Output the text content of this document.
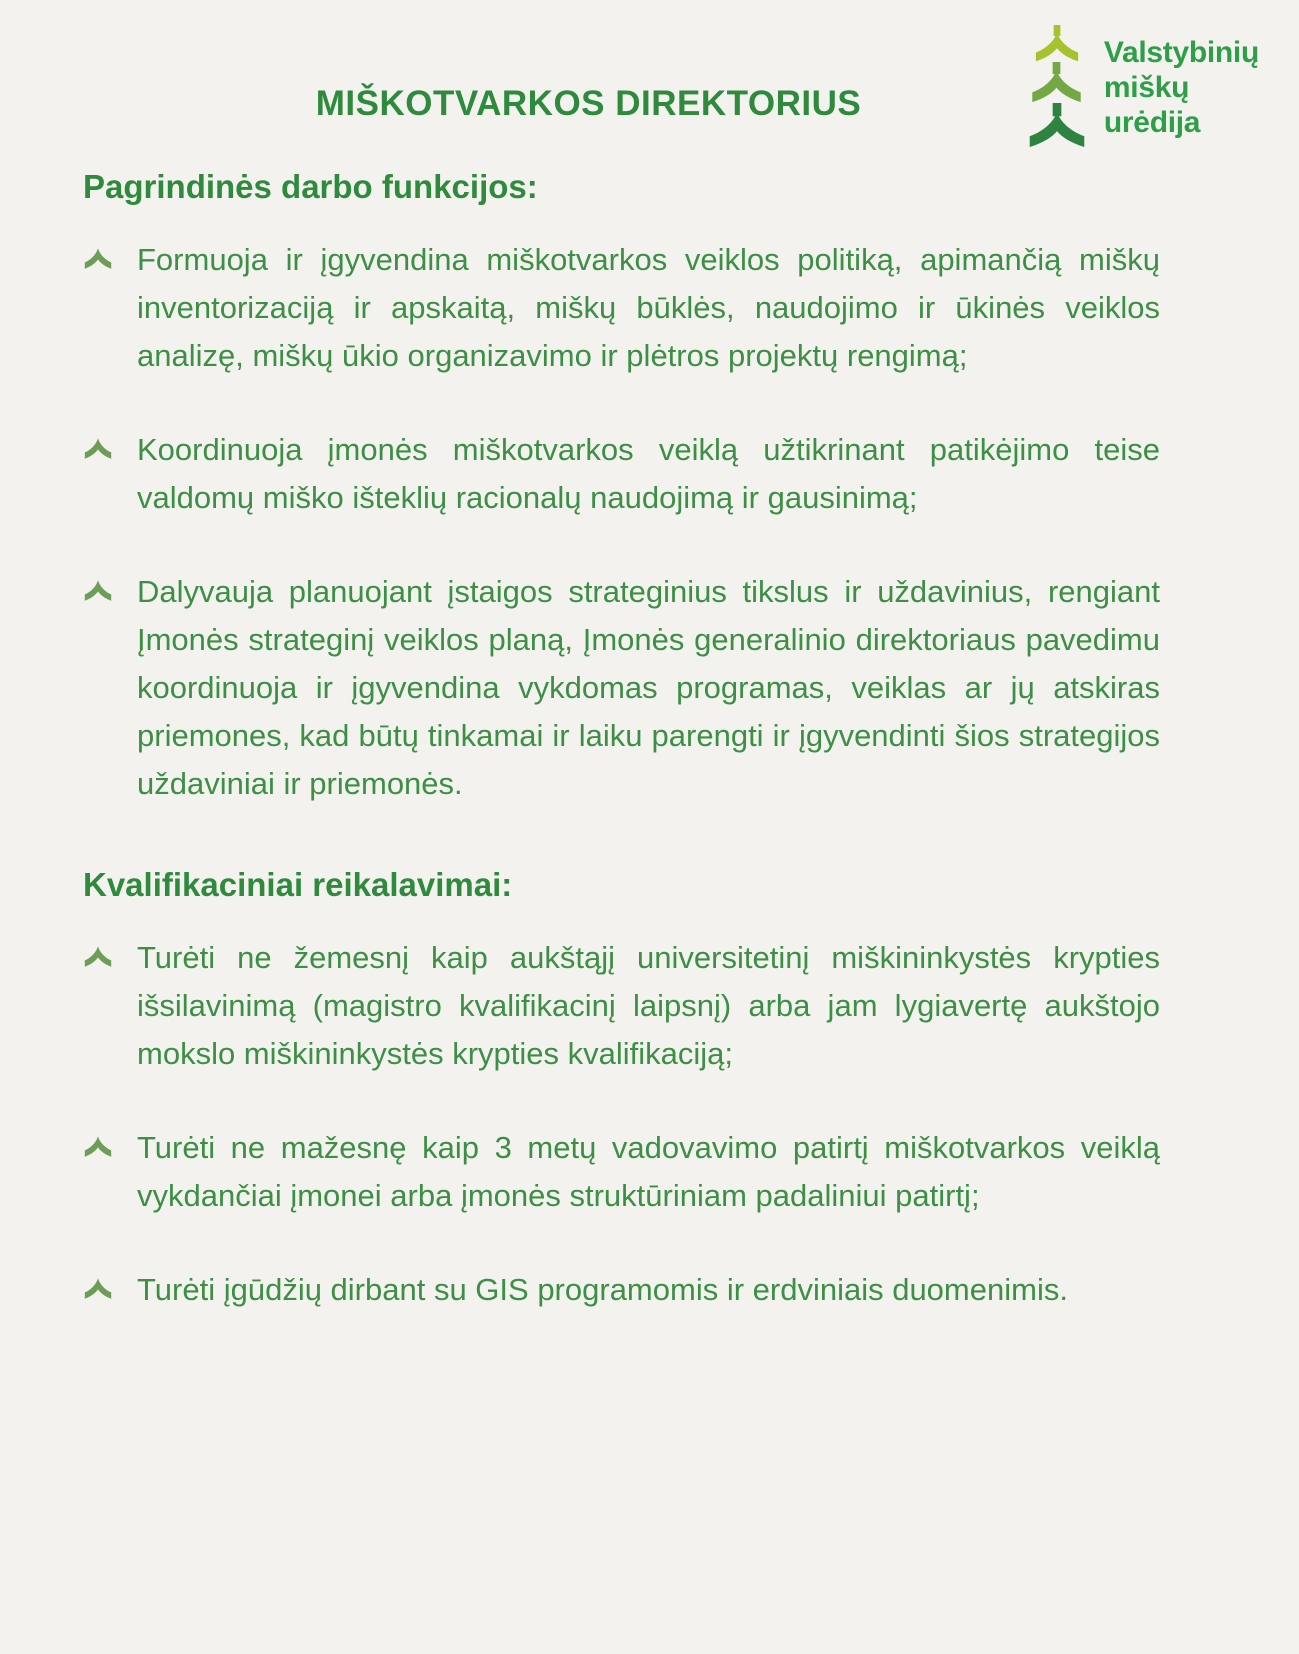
MIŠKOTVARKOS DIREKTORIUS
Valstybinių
miškų
urėdija
Pagrindinės darbo funkcijos:
Formuoja ir įgyvendina miškotvarkos veiklos politiką, apimančią miškų inventorizaciją ir apskaitą, miškų būklės, naudojimo ir ūkinės veiklos analizę, miškų ūkio organizavimo ir plėtros projektų rengimą;
Koordinuoja įmonės miškotvarkos veiklą užtikrinant patikėjimo teise valdomų miško išteklių racionalų naudojimą ir gausinimą;
Dalyvauja planuojant įstaigos strateginius tikslus ir uždavinius, rengiant Įmonės strateginį veiklos planą, Įmonės generalinio direktoriaus pavedimu koordinuoja ir įgyvendina vykdomas programas, veiklas ar jų atskiras priemones, kad būtų tinkamai ir laiku parengti ir įgyvendinti šios strategijos uždaviniai ir priemonės.
Kvalifikaciniai reikalavimai:
Turėti ne žemesnį kaip aukštąjį universitetinį miškininkystės krypties išsilavinimą (magistro kvalifikacinį laipsnį) arba jam lygiavertę aukštojo mokslo miškininkystės krypties kvalifikaciją;
Turėti ne mažesnę kaip 3 metų vadovavimo patirtį miškotvarkos veiklą vykdančiai įmonei arba įmonės struktūriniam padaliniui patirtį;
Turėti įgūdžių dirbant su GIS programomis ir erdviniais duomenimis.
